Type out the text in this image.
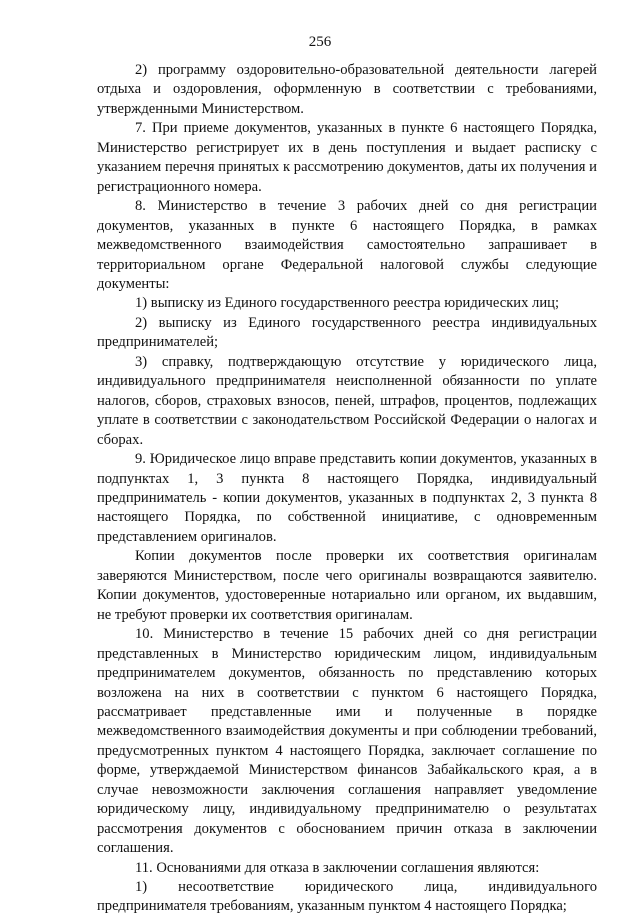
256

2) программу оздоровительно-образовательной деятельности лагерей отдыха и оздоровления, оформленную в соответствии с требованиями, утвержденными Министерством.

7. При приеме документов, указанных в пункте 6 настоящего Порядка, Министерство регистрирует их в день поступления и выдает расписку с указанием перечня принятых к рассмотрению документов, даты их получения и регистрационного номера.

8. Министерство в течение 3 рабочих дней со дня регистрации документов, указанных в пункте 6 настоящего Порядка, в рамках межведомственного взаимодействия самостоятельно запрашивает в территориальном органе Федеральной налоговой службы следующие документы:

1) выписку из Единого государственного реестра юридических лиц;

2) выписку из Единого государственного реестра индивидуальных предпринимателей;

3) справку, подтверждающую отсутствие у юридического лица, индивидуального предпринимателя неисполненной обязанности по уплате налогов, сборов, страховых взносов, пеней, штрафов, процентов, подлежащих уплате в соответствии с законодательством Российской Федерации о налогах и сборах.

9. Юридическое лицо вправе представить копии документов, указанных в подпунктах 1, 3 пункта 8 настоящего Порядка, индивидуальный предприниматель - копии документов, указанных в подпунктах 2, 3 пункта 8 настоящего Порядка, по собственной инициативе, с одновременным представлением оригиналов.

Копии документов после проверки их соответствия оригиналам заверяются Министерством, после чего оригиналы возвращаются заявителю. Копии документов, удостоверенные нотариально или органом, их выдавшим, не требуют проверки их соответствия оригиналам.

10. Министерство в течение 15 рабочих дней со дня регистрации представленных в Министерство юридическим лицом, индивидуальным предпринимателем документов, обязанность по представлению которых возложена на них в соответствии с пунктом 6 настоящего Порядка, рассматривает представленные ими и полученные в порядке межведомственного взаимодействия документы и при соблюдении требований, предусмотренных пунктом 4 настоящего Порядка, заключает соглашение по форме, утверждаемой Министерством финансов Забайкальского края, а в случае невозможности заключения соглашения направляет уведомление юридическому лицу, индивидуальному предпринимателю о результатах рассмотрения документов с обоснованием причин отказа в заключении соглашения.

11. Основаниями для отказа в заключении соглашения являются:

1) несоответствие юридического лица, индивидуального предпринимателя требованиям, указанным пунктом 4 настоящего Порядка;
